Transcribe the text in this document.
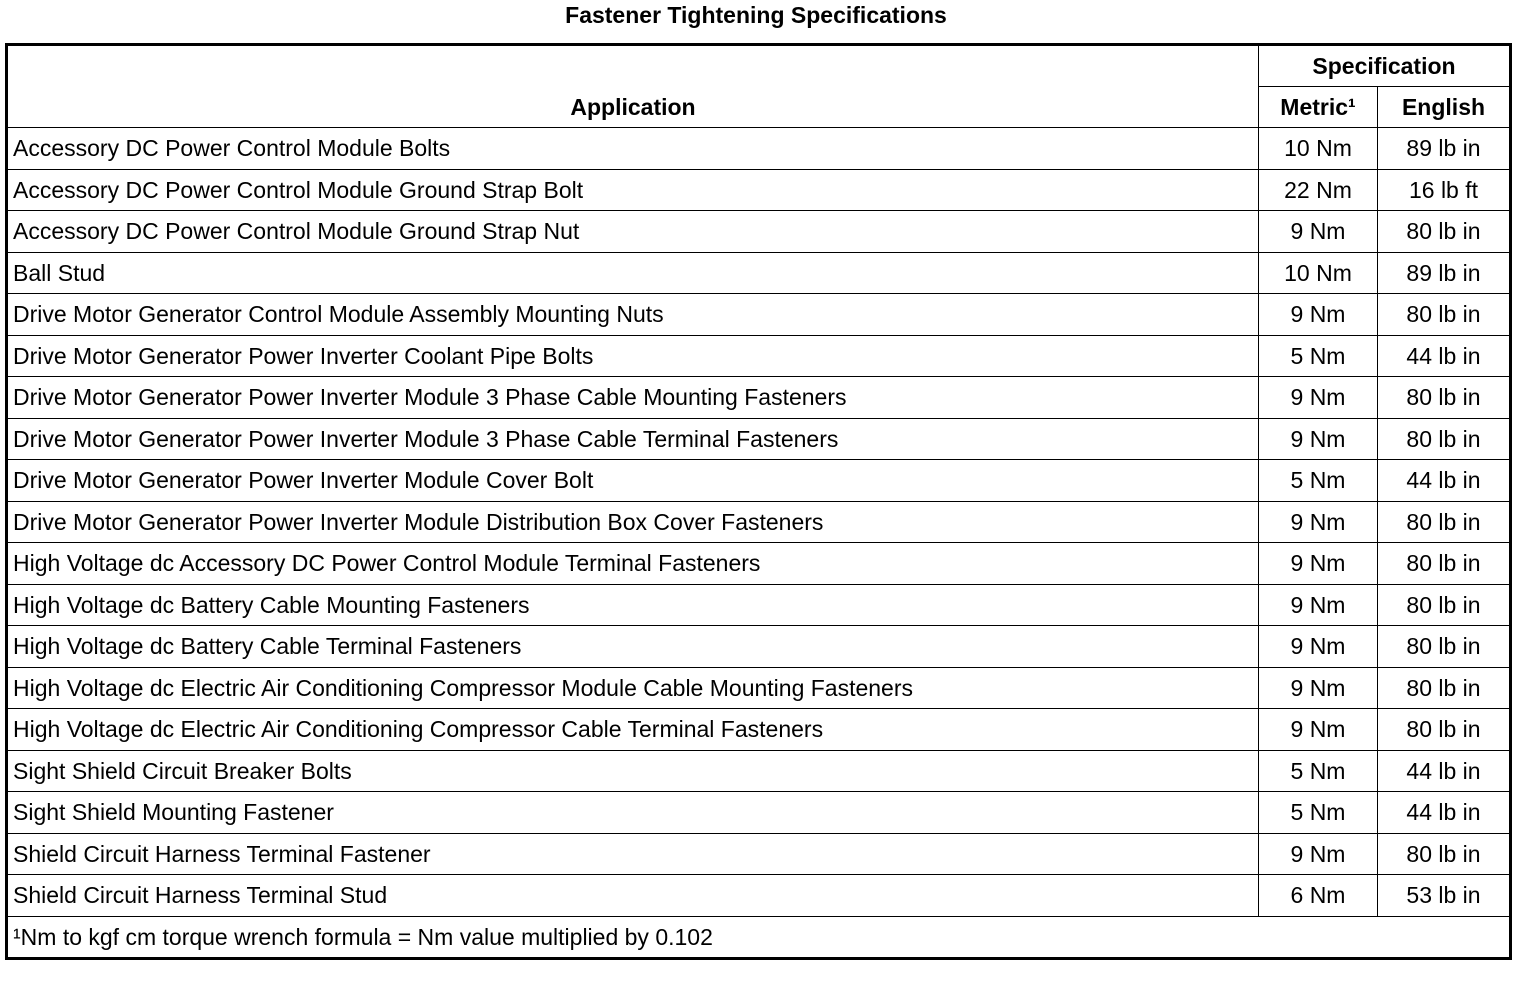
Fastener Tightening Specifications
Application	Specification	
	Metric¹	English
Accessory DC Power Control Module Bolts	10 Nm	89 lb in
Accessory DC Power Control Module Ground Strap Bolt	22 Nm	16 lb ft
Accessory DC Power Control Module Ground Strap Nut	9 Nm	80 lb in
Ball Stud	10 Nm	89 lb in
Drive Motor Generator Control Module Assembly Mounting Nuts	9 Nm	80 lb in
Drive Motor Generator Power Inverter Coolant Pipe Bolts	5 Nm	44 lb in
Drive Motor Generator Power Inverter Module 3 Phase Cable Mounting Fasteners	9 Nm	80 lb in
Drive Motor Generator Power Inverter Module 3 Phase Cable Terminal Fasteners	9 Nm	80 lb in
Drive Motor Generator Power Inverter Module Cover Bolt	5 Nm	44 lb in
Drive Motor Generator Power Inverter Module Distribution Box Cover Fasteners	9 Nm	80 lb in
High Voltage dc Accessory DC Power Control Module Terminal Fasteners	9 Nm	80 lb in
High Voltage dc Battery Cable Mounting Fasteners	9 Nm	80 lb in
High Voltage dc Battery Cable Terminal Fasteners	9 Nm	80 lb in
High Voltage dc Electric Air Conditioning Compressor Module Cable Mounting Fasteners	9 Nm	80 lb in
High Voltage dc Electric Air Conditioning Compressor Cable Terminal Fasteners	9 Nm	80 lb in
Sight Shield Circuit Breaker Bolts	5 Nm	44 lb in
Sight Shield Mounting Fastener	5 Nm	44 lb in
Shield Circuit Harness Terminal Fastener	9 Nm	80 lb in
Shield Circuit Harness Terminal Stud	6 Nm	53 lb in
¹Nm to kgf cm torque wrench formula = Nm value multiplied by 0.102		
